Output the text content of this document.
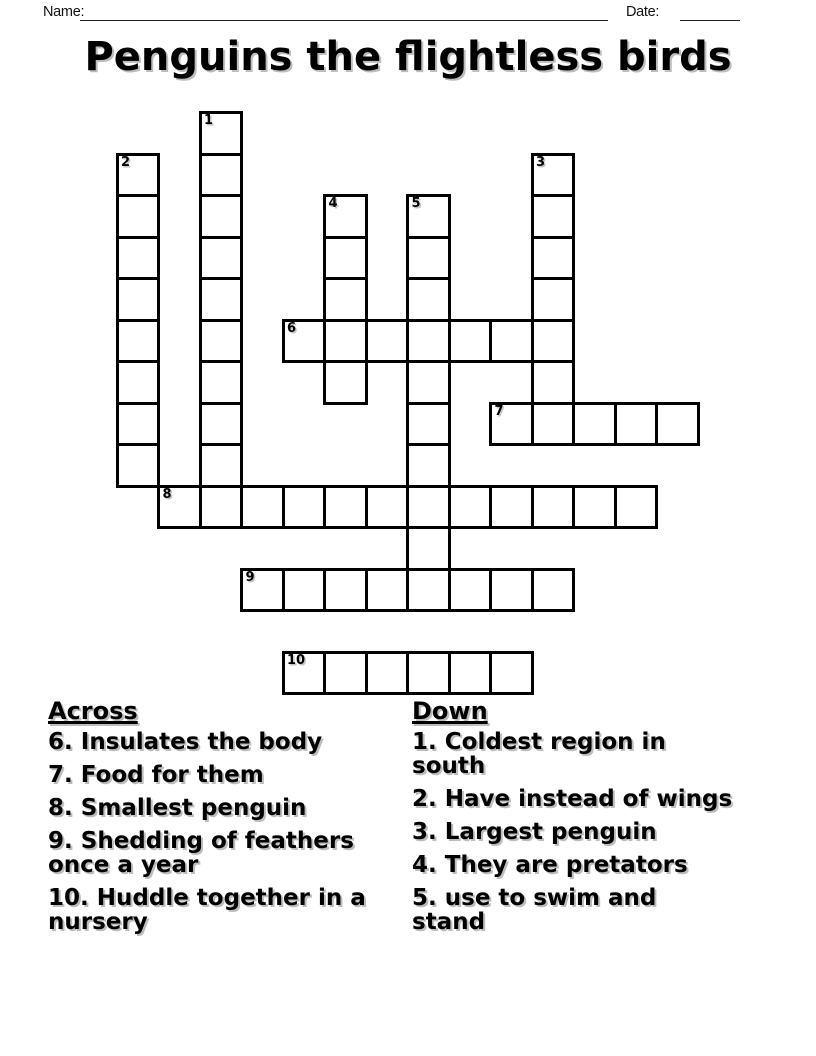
Name:	Date:
Penguins the flightless birds
1
2	3
4	5
6
7
8
9
10
Across
6. Insulates the body
7. Food for them
8. Smallest penguin
9. Shedding of feathers once a year
10. Huddle together in a nursery
Down
1. Coldest region in south
2. Have instead of wings
3. Largest penguin
4. They are pretators
5. use to swim and stand
